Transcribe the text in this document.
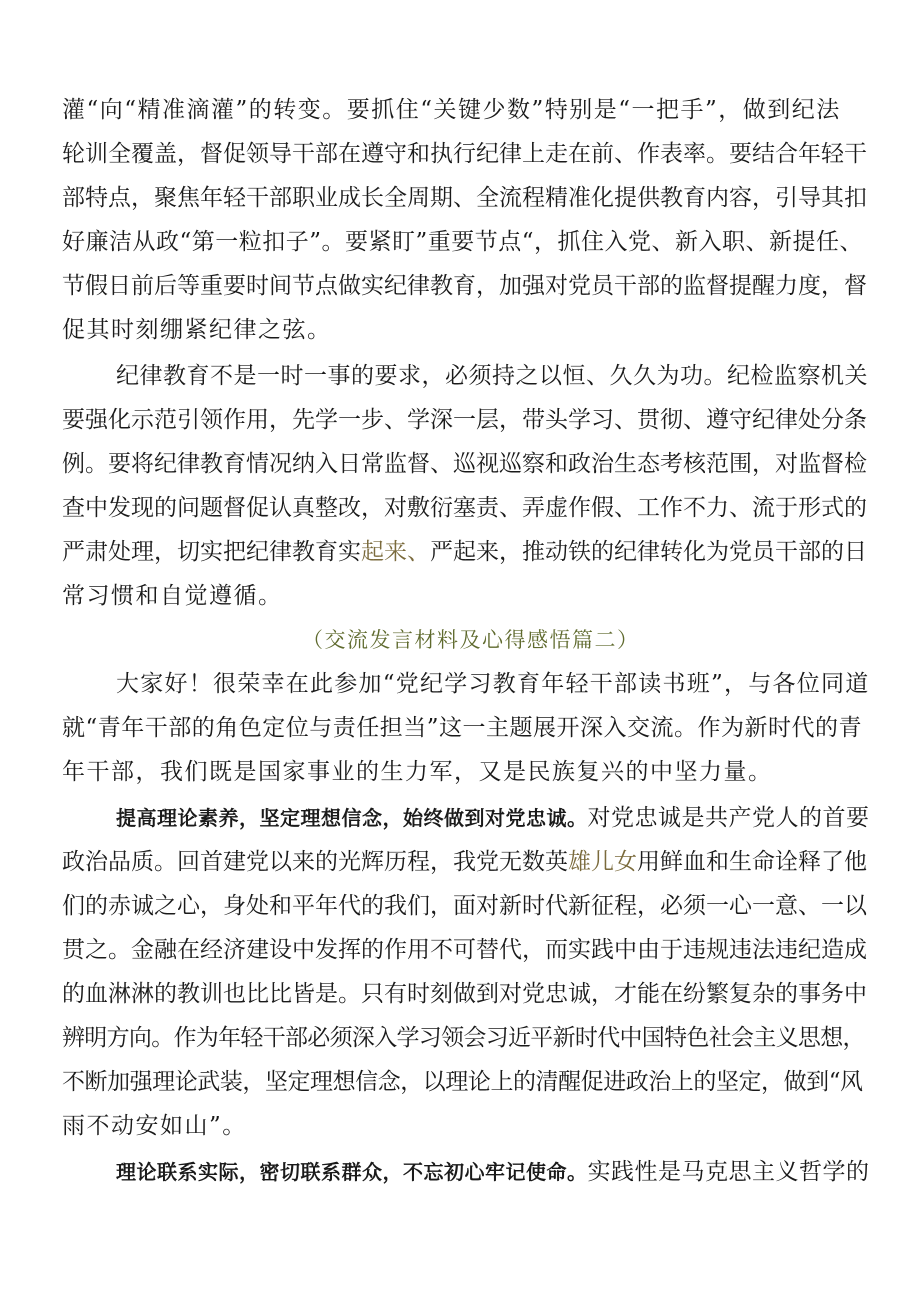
灌“向“精准滴灌”的转变。要抓住“关键少数”特别是“一把手”，做到纪法
轮训全覆盖，督促领导干部在遵守和执行纪律上走在前、作表率。要结合年轻干
部特点，聚焦年轻干部职业成长全周期、全流程精准化提供教育内容，引导其扣
好廉洁从政“第一粒扣子”。要紧盯”重要节点“，抓住入党、新入职、新提任、
节假日前后等重要时间节点做实纪律教育，加强对党员干部的监督提醒力度，督
促其时刻绷紧纪律之弦。
纪律教育不是一时一事的要求，必须持之以恒、久久为功。纪检监察机关
要强化示范引领作用，先学一步、学深一层，带头学习、贯彻、遵守纪律处分条
例。要将纪律教育情况纳入日常监督、巡视巡察和政治生态考核范围，对监督检
查中发现的问题督促认真整改，对敷衍塞责、弄虚作假、工作不力、流于形式的
严肃处理，切实把纪律教育实起来、严起来，推动铁的纪律转化为党员干部的日
常习惯和自觉遵循。
（交流发言材料及心得感悟篇二）
大家好！很荣幸在此参加“党纪学习教育年轻干部读书班”，与各位同道
就“青年干部的角色定位与责任担当”这一主题展开深入交流。作为新时代的青
年干部，我们既是国家事业的生力军，又是民族复兴的中坚力量。
提高理论素养，坚定理想信念，始终做到对党忠诚。对党忠诚是共产党人的首要
政治品质。回首建党以来的光辉历程，我党无数英雄儿女用鲜血和生命诠释了他
们的赤诚之心，身处和平年代的我们，面对新时代新征程，必须一心一意、一以
贯之。金融在经济建设中发挥的作用不可替代，而实践中由于违规违法违纪造成
的血淋淋的教训也比比皆是。只有时刻做到对党忠诚，才能在纷繁复杂的事务中
辨明方向。作为年轻干部必须深入学习领会习近平新时代中国特色社会主义思想，
不断加强理论武装，坚定理想信念，以理论上的清醒促进政治上的坚定，做到“风
雨不动安如山”。
理论联系实际，密切联系群众，不忘初心牢记使命。实践性是马克思主义哲学的
